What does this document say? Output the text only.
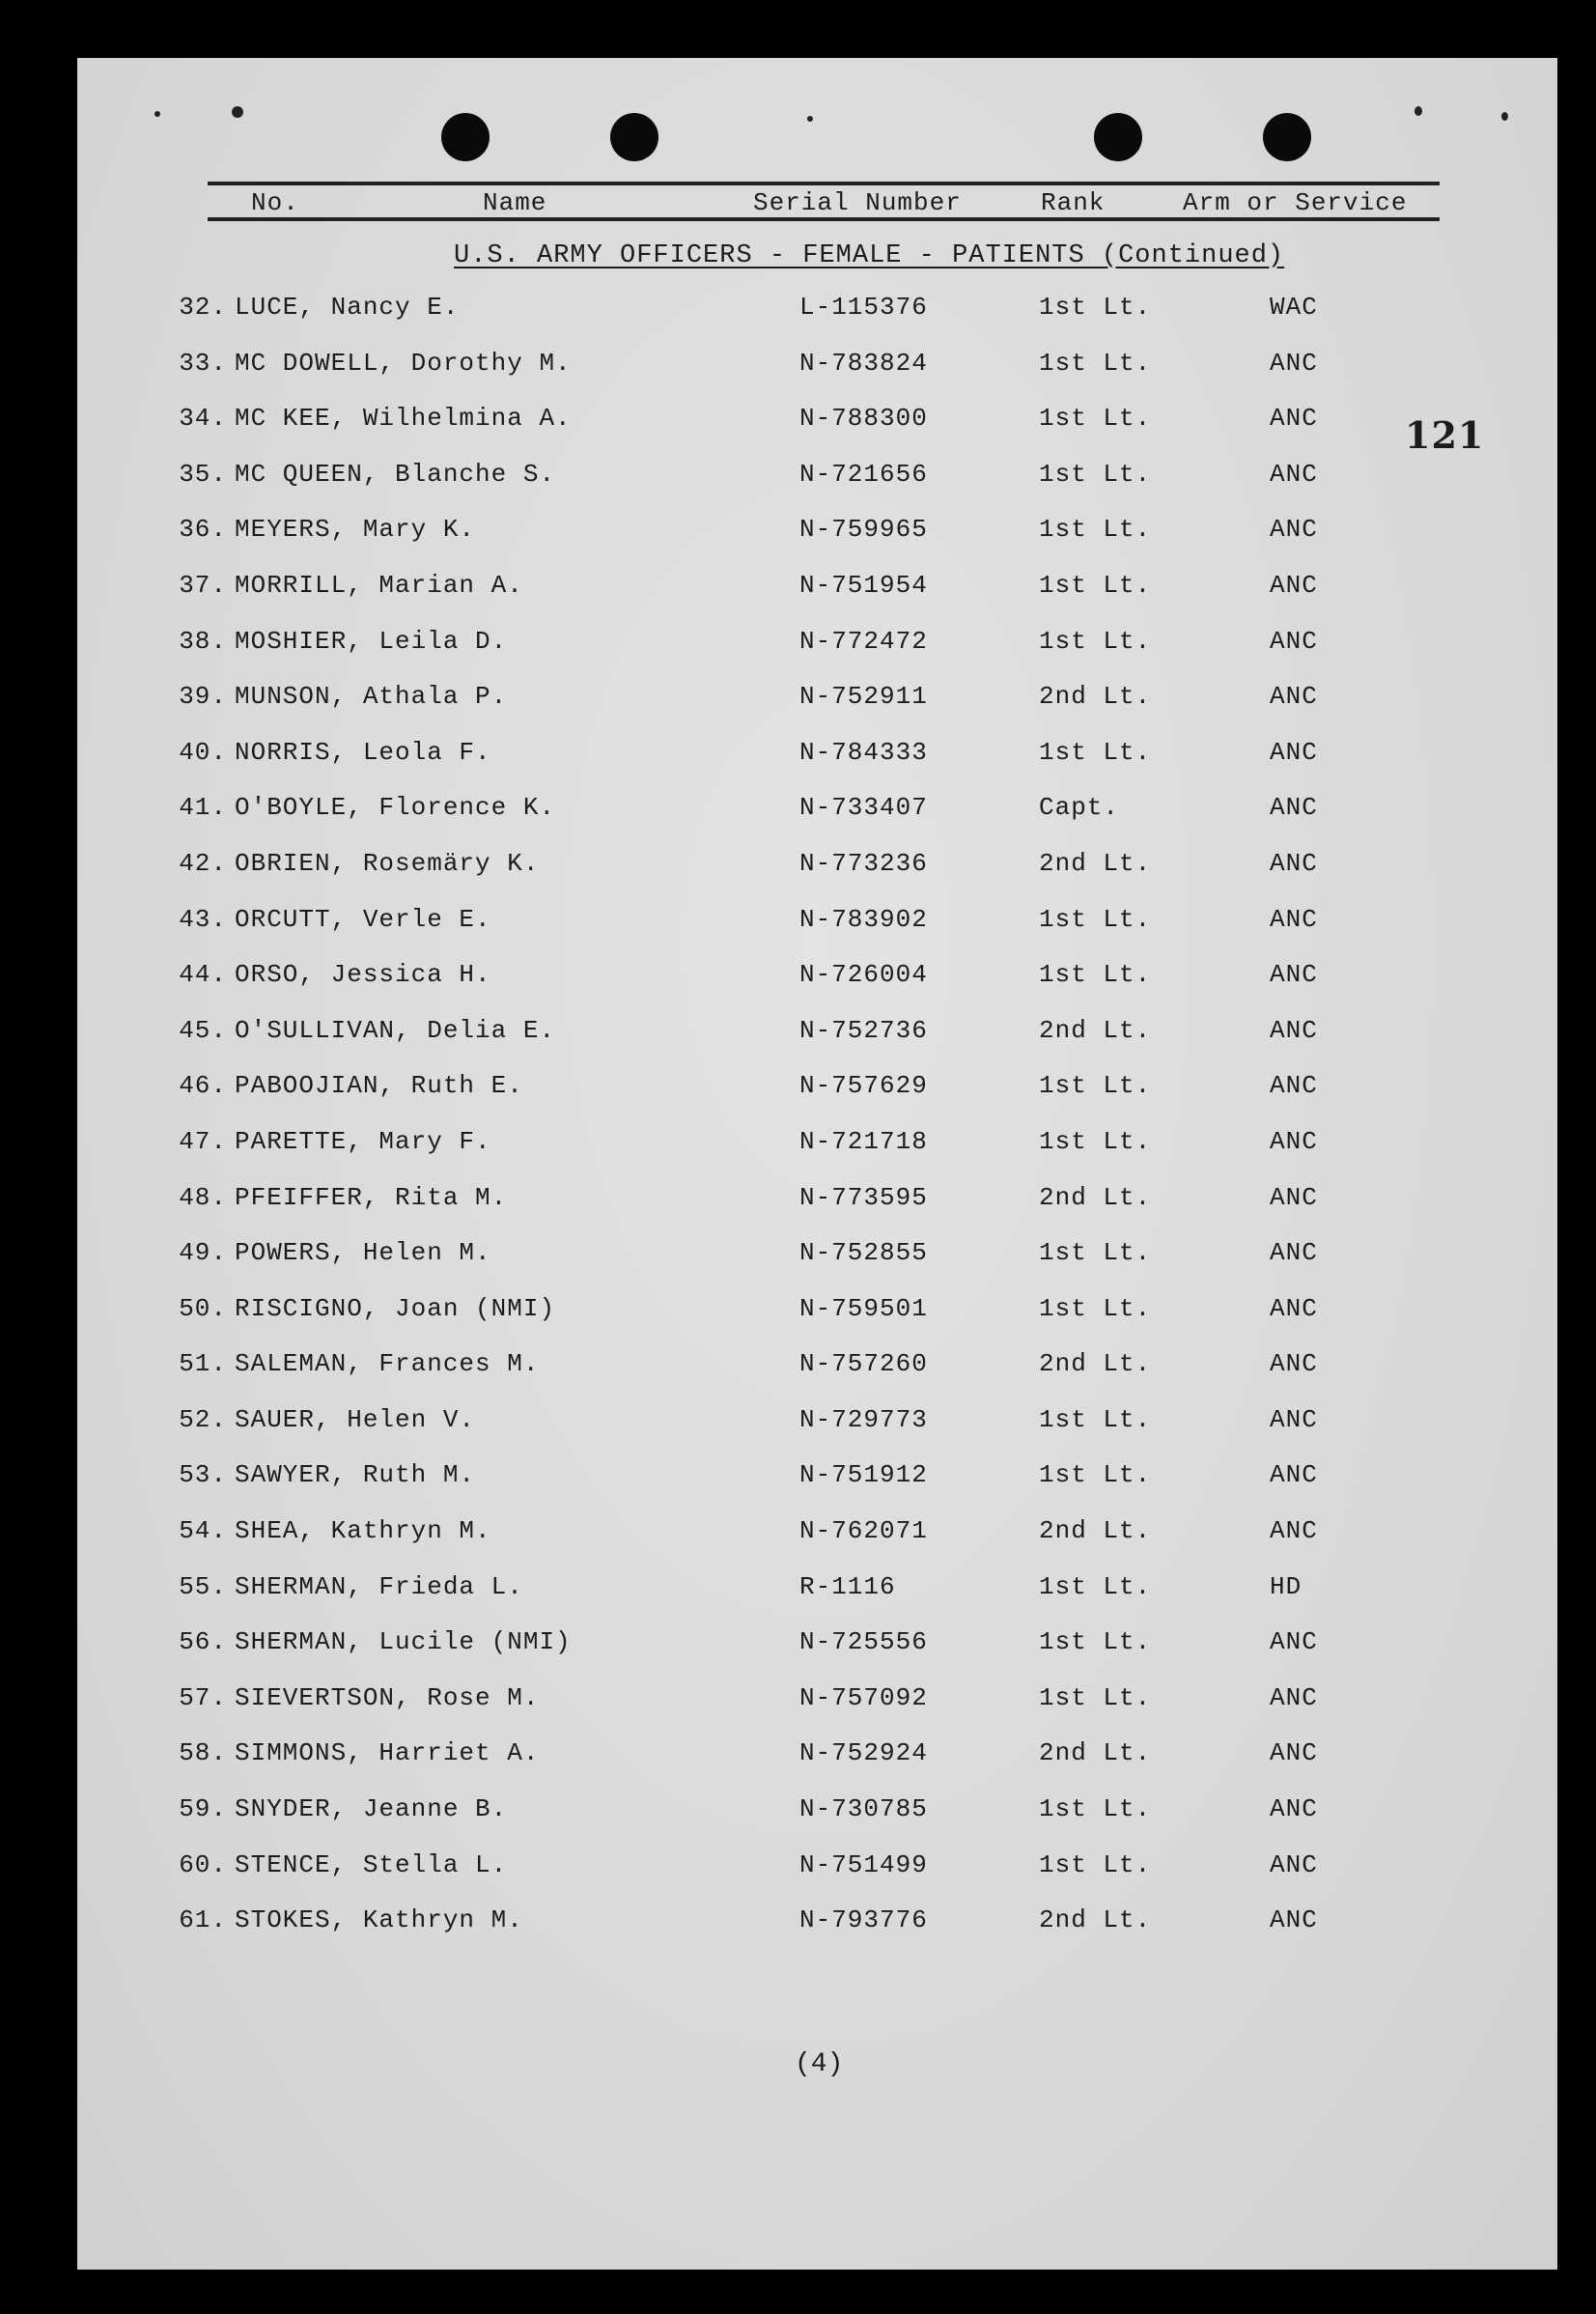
No.	Name	Serial Number	Rank	Arm or Service
U.S. ARMY OFFICERS - FEMALE - PATIENTS (Continued)
121
32. LUCE, Nancy E.	L-115376	1st Lt.	WAC
33. MC DOWELL, Dorothy M.	N-783824	1st Lt.	ANC
34. MC KEE, Wilhelmina A.	N-788300	1st Lt.	ANC
35. MC QUEEN, Blanche S.	N-721656	1st Lt.	ANC
36. MEYERS, Mary K.	N-759965	1st Lt.	ANC
37. MORRILL, Marian A.	N-751954	1st Lt.	ANC
38. MOSHIER, Leila D.	N-772472	1st Lt.	ANC
39. MUNSON, Athala P.	N-752911	2nd Lt.	ANC
40. NORRIS, Leola F.	N-784333	1st Lt.	ANC
41. O'BOYLE, Florence K.	N-733407	Capt.	ANC
42. OBRIEN, Rosemäry K.	N-773236	2nd Lt.	ANC
43. ORCUTT, Verle E.	N-783902	1st Lt.	ANC
44. ORSO, Jessica H.	N-726004	1st Lt.	ANC
45. O'SULLIVAN, Delia E.	N-752736	2nd Lt.	ANC
46. PABOOJIAN, Ruth E.	N-757629	1st Lt.	ANC
47. PARETTE, Mary F.	N-721718	1st Lt.	ANC
48. PFEIFFER, Rita M.	N-773595	2nd Lt.	ANC
49. POWERS, Helen M.	N-752855	1st Lt.	ANC
50. RISCIGNO, Joan (NMI)	N-759501	1st Lt.	ANC
51. SALEMAN, Frances M.	N-757260	2nd Lt.	ANC
52. SAUER, Helen V.	N-729773	1st Lt.	ANC
53. SAWYER, Ruth M.	N-751912	1st Lt.	ANC
54. SHEA, Kathryn M.	N-762071	2nd Lt.	ANC
55. SHERMAN, Frieda L.	R-1116	1st Lt.	HD
56. SHERMAN, Lucile (NMI)	N-725556	1st Lt.	ANC
57. SIEVERTSON, Rose M.	N-757092	1st Lt.	ANC
58. SIMMONS, Harriet A.	N-752924	2nd Lt.	ANC
59. SNYDER, Jeanne B.	N-730785	1st Lt.	ANC
60. STENCE, Stella L.	N-751499	1st Lt.	ANC
61. STOKES, Kathryn M.	N-793776	2nd Lt.	ANC
(4)
